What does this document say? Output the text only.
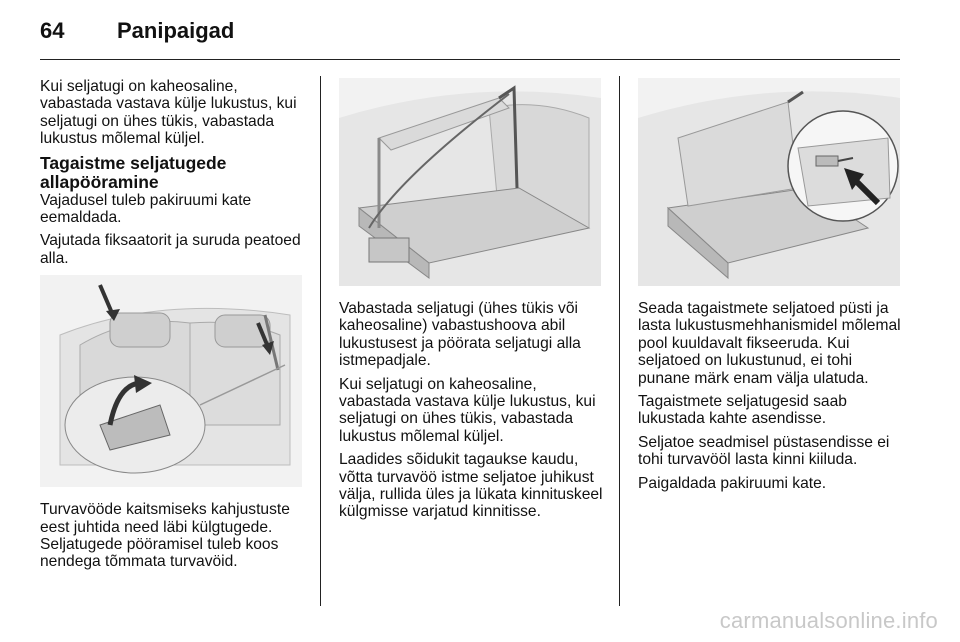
64 Panipaigad

Kui seljatugi on kaheosaline, vabastada vastava külje lukustus, kui seljatugi on ühes tükis, vabastada lukustus mõlemal küljel.

Tagaistme seljatugede allapööramine

Vajadusel tuleb pakiruumi kate eemaldada.

Vajutada fiksaatorit ja suruda peatoed alla.

Turvavööde kaitsmiseks kahjustuste eest juhtida need läbi külgtugede. Seljatugede pööramisel tuleb koos nendega tõmmata turvavöid.

Vabastada seljatugi (ühes tükis või kaheosaline) vabastushoova abil lukustusest ja pöörata seljatugi alla istmepadjale.

Kui seljatugi on kaheosaline, vabastada vastava külje lukustus, kui seljatugi on ühes tükis, vabastada lukustus mõlemal küljel.

Laadides sõidukit tagaukse kaudu, võtta turvavöö istme seljatoe juhikust välja, rullida üles ja lükata kinnituskeel külgmisse varjatud kinnitisse.

Seada tagaistmete seljatoed püsti ja lasta lukustusmehhanismidel mõlemal pool kuuldavalt fikseeruda. Kui seljatoed on lukustunud, ei tohi punane märk enam välja ulatuda.

Tagaistmete seljatugesid saab lukustada kahte asendisse.

Seljatoe seadmisel püstasendisse ei tohi turvavööl lasta kinni kiiluda.

Paigaldada pakiruumi kate.

carmanualsonline.info
